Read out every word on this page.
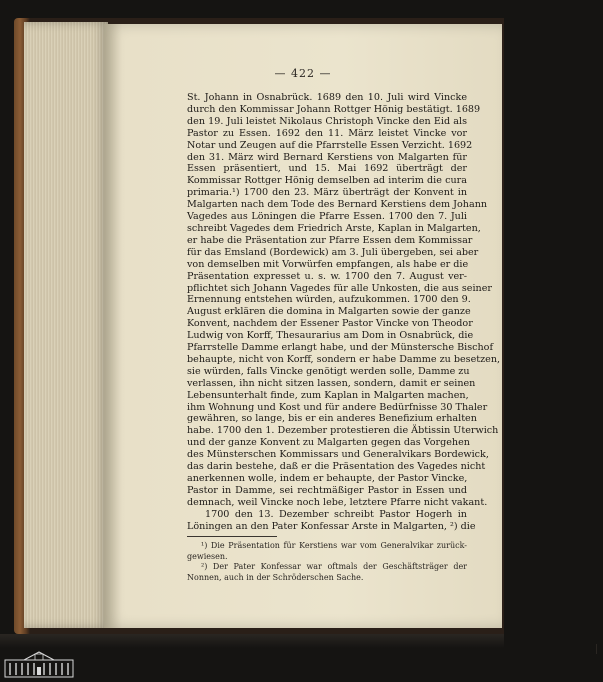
— 422 —
St. Johann in Osnabrück. 1689 den 10. Juli wird Vincke
durch den Kommissar Johann Rottger Hönig bestätigt. 1689
den 19. Juli leistet Nikolaus Christoph Vincke den Eid als
Pastor zu Essen. 1692 den 11. März leistet Vincke vor
Notar und Zeugen auf die Pfarrstelle Essen Verzicht. 1692
den 31. März wird Bernard Kerstiens von Malgarten für
Essen präsentiert, und 15. Mai 1692 überträgt der
Kommissar Rottger Hönig demselben ad interim die cura
primaria.¹) 1700 den 23. März überträgt der Konvent in
Malgarten nach dem Tode des Bernard Kerstiens dem Johann
Vagedes aus Löningen die Pfarre Essen. 1700 den 7. Juli
schreibt Vagedes dem Friedrich Arste, Kaplan in Malgarten,
er habe die Präsentation zur Pfarre Essen dem Kommissar
für das Emsland (Bordewick) am 3. Juli übergeben, sei aber
von demselben mit Vorwürfen empfangen, als habe er die
Präsentation expresset u. s. w. 1700 den 7. August ver-
pflichtet sich Johann Vagedes für alle Unkosten, die aus seiner
Ernennung entstehen würden, aufzukommen. 1700 den 9.
August erklären die domina in Malgarten sowie der ganze
Konvent, nachdem der Essener Pastor Vincke von Theodor
Ludwig von Korff, Thesaurarius am Dom in Osnabrück, die
Pfarrstelle Damme erlangt habe, und der Münstersche Bischof
behaupte, nicht von Korff, sondern er habe Damme zu besetzen,
sie würden, falls Vincke genötigt werden solle, Damme zu
verlassen, ihn nicht sitzen lassen, sondern, damit er seinen
Lebensunterhalt finde, zum Kaplan in Malgarten machen,
ihm Wohnung und Kost und für andere Bedürfnisse 30 Thaler
gewähren, so lange, bis er ein anderes Benefizium erhalten
habe. 1700 den 1. Dezember protestieren die Äbtissin Uterwich
und der ganze Konvent zu Malgarten gegen das Vorgehen
des Münsterschen Kommissars und Generalvikars Bordewick,
das darin bestehe, daß er die Präsentation des Vagedes nicht
anerkennen wolle, indem er behaupte, der Pastor Vincke,
Pastor in Damme, sei rechtmäßiger Pastor in Essen und
demnach, weil Vincke noch lebe, letztere Pfarre nicht vakant.
1700 den 13. Dezember schreibt Pastor Hogerh in
Löningen an den Pater Konfessar Arste in Malgarten, ²) die
¹) Die Präsentation für Kerstiens war vom Generalvikar zurück-
gewiesen.
²) Der Pater Konfessar war oftmals der Geschäftsträger der
Nonnen, auch in der Schröderschen Sache.
